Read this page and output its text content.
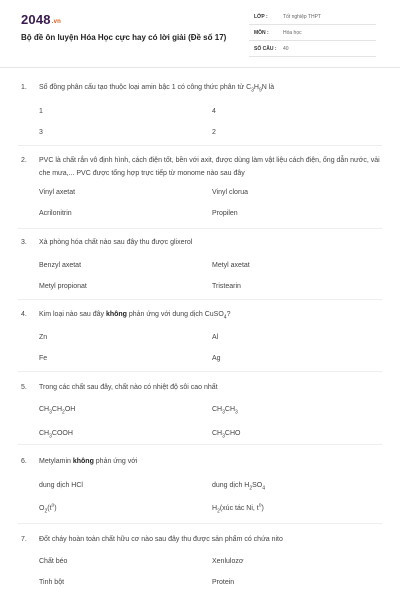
2048.vn
Bộ đề ôn luyện Hóa Học cực hay có lời giải (Đề số 17)
LỚP :	Tốt nghiệp THPT
MÔN :	Hóa học
SỐ CÂU : 40
1. Số đồng phân cấu tạo thuộc loại amin bậc 1 có công thức phân tử $C_3H_9N$ là
1	4
3	2
2. PVC là chất rắn vô định hình, cách điện tốt, bền với axit, được dùng làm vật liệu cách điện, ống dẫn nước, vải che mưa,... PVC được tổng hợp trực tiếp từ monome nào sau đây
Vinyl axetat	Vinyl clorua
Acrilonitrin	Propilen
3. Xà phòng hóa chất nào sau đây thu được glixerol
Benzyl axetat	Metyl axetat
Metyl propionat	Tristearin
4. Kim loại nào sau đây không phản ứng với dung dịch CuSO$_4$?
Zn	Al
Fe	Ag
5. Trong các chất sau đây, chất nào có nhiệt độ sôi cao nhất
$CH_3CH_2OH$	$CH_3CH_3$
$CH_3COOH$	$CH_3CHO$
6. Metylamin không phản ứng với
dung dịch HCl	dung dịch $H_2SO_4$
$O_2(t^o)$	$H_2(xúc$ tác Ni, $t^o$)
7. Đốt cháy hoàn toàn chất hữu cơ nào sau đây thu được sản phẩm có chứa nito
Chất béo	Xenlulozơ
Tinh bột	Protein
